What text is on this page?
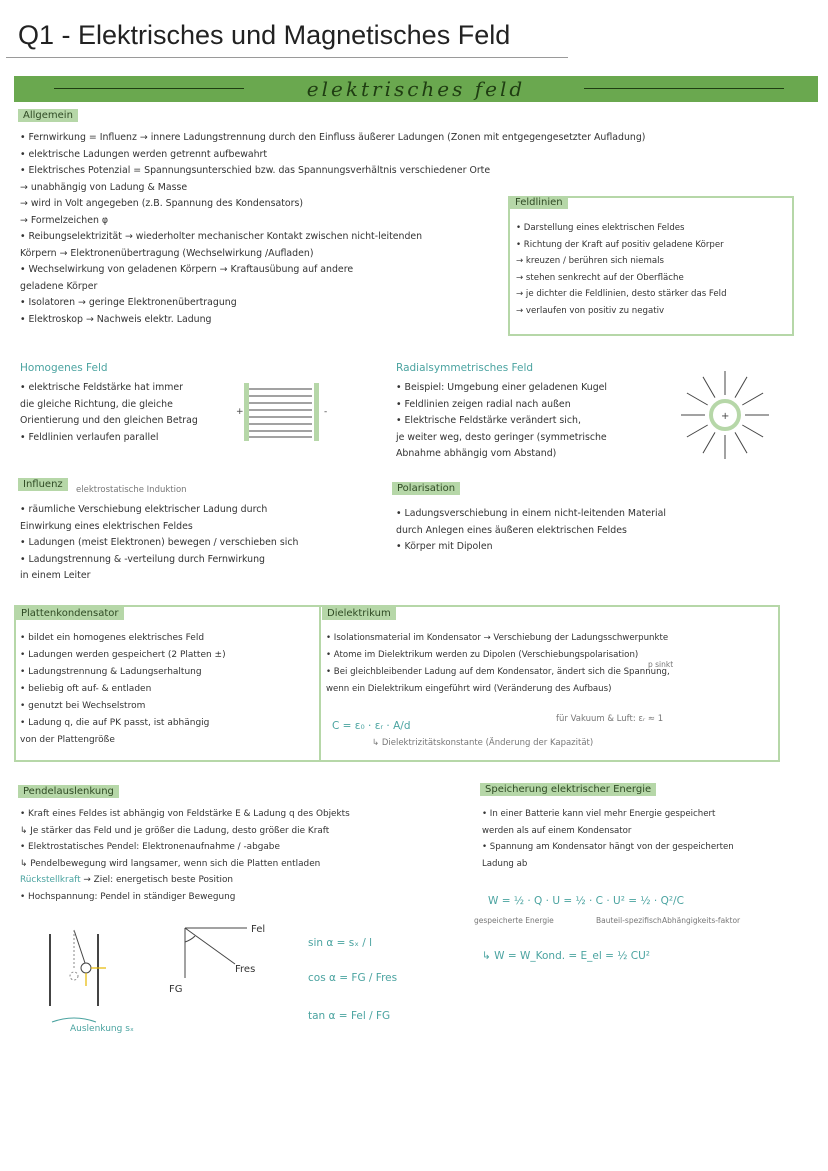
Q1 - Elektrisches und Magnetisches Feld
elektrisches feld
Allgemein
• Fernwirkung = Influenz → innere Ladungstrennung durch den Einfluss äußerer Ladungen (Zonen mit entgegengesetzter Aufladung)
• elektrische Ladungen werden getrennt aufbewahrt
• Elektrisches Potenzial = Spannungsunterschied bzw. das Spannungsverhältnis verschiedener Orte
→ unabhängig von Ladung & Masse
→ wird in Volt angegeben (z.B. Spannung des Kondensators)
→ Formelzeichen φ
• Reibungselektrizität → wiederholter mechanischer Kontakt zwischen nicht-leitenden
Körpern → Elektronenübertragung (Wechselwirkung /Aufladen)
• Wechselwirkung von geladenen Körpern → Kraftausübung auf andere
geladene Körper
• Isolatoren → geringe Elektronenübertragung
• Elektroskop → Nachweis elektr. Ladung
Feldlinien
• Darstellung eines elektrischen Feldes
• Richtung der Kraft auf positiv geladene Körper
→ kreuzen / berühren sich niemals
→ stehen senkrecht auf der Oberfläche
→ je dichter die Feldlinien, desto stärker das Feld
→ verlaufen von positiv zu negativ
Homogenes Feld
• elektrische Feldstärke hat immer
die gleiche Richtung, die gleiche
Orientierung und den gleichen Betrag
• Feldlinien verlaufen parallel
+	-
Radialsymmetrisches Feld
• Beispiel: Umgebung einer geladenen Kugel
• Feldlinien zeigen radial nach außen
• Elektrische Feldstärke verändert sich,
je weiter weg, desto geringer (symmetrische
Abnahme abhängig vom Abstand)
+
Influenz	elektrostatische Induktion
• räumliche Verschiebung elektrischer Ladung durch
Einwirkung eines elektrischen Feldes
• Ladungen (meist Elektronen) bewegen / verschieben sich
• Ladungstrennung & -verteilung durch Fernwirkung
in einem Leiter
Polarisation
• Ladungsverschiebung in einem nicht-leitenden Material
durch Anlegen eines äußeren elektrischen Feldes
• Körper mit Dipolen
Plattenkondensator
• bildet ein homogenes elektrisches Feld
• Ladungen werden gespeichert (2 Platten ±)
• Ladungstrennung & Ladungserhaltung
• beliebig oft auf- & entladen
• genutzt bei Wechselstrom
• Ladung q, die auf PK passt, ist abhängig
von der Plattengröße
Dielektrikum
p sinkt
• Isolationsmaterial im Kondensator → Verschiebung der Ladungsschwerpunkte
• Atome im Dielektrikum werden zu Dipolen (Verschiebungspolarisation)
• Bei gleichbleibender Ladung auf dem Kondensator, ändert sich die Spannung,
wenn ein Dielektrikum eingeführt wird (Veränderung des Aufbaus)
C = ε₀ · εᵣ · A/d
für Vakuum & Luft: εᵣ ≈ 1
↳ Dielektrizitätskonstante (Änderung der Kapazität)
Pendelauslenkung
• Kraft eines Feldes ist abhängig von Feldstärke E & Ladung q des Objekts
↳ Je stärker das Feld und je größer die Ladung, desto größer die Kraft
• Elektrostatisches Pendel: Elektronenaufnahme / -abgabe
↳ Pendelbewegung wird langsamer, wenn sich die Platten entladen
Rückstellkraft → Ziel: energetisch beste Position
• Hochspannung: Pendel in ständiger Bewegung
Auslenkung sₓ
Fel
Fres
FG
sin α = sₓ / l
cos α = FG / Fres
tan α = Fel / FG
Speicherung elektrischer Energie
• In einer Batterie kann viel mehr Energie gespeichert
werden als auf einem Kondensator
• Spannung am Kondensator hängt von der gespeicherten
Ladung ab
W = ½ · Q · U = ½ · C · U² = ½ · Q²/C
gespeicherte Energie	Bauteil-spezifisch Abhängigkeits-faktor
↳ W = W_Kond. = E_el = ½ CU²
